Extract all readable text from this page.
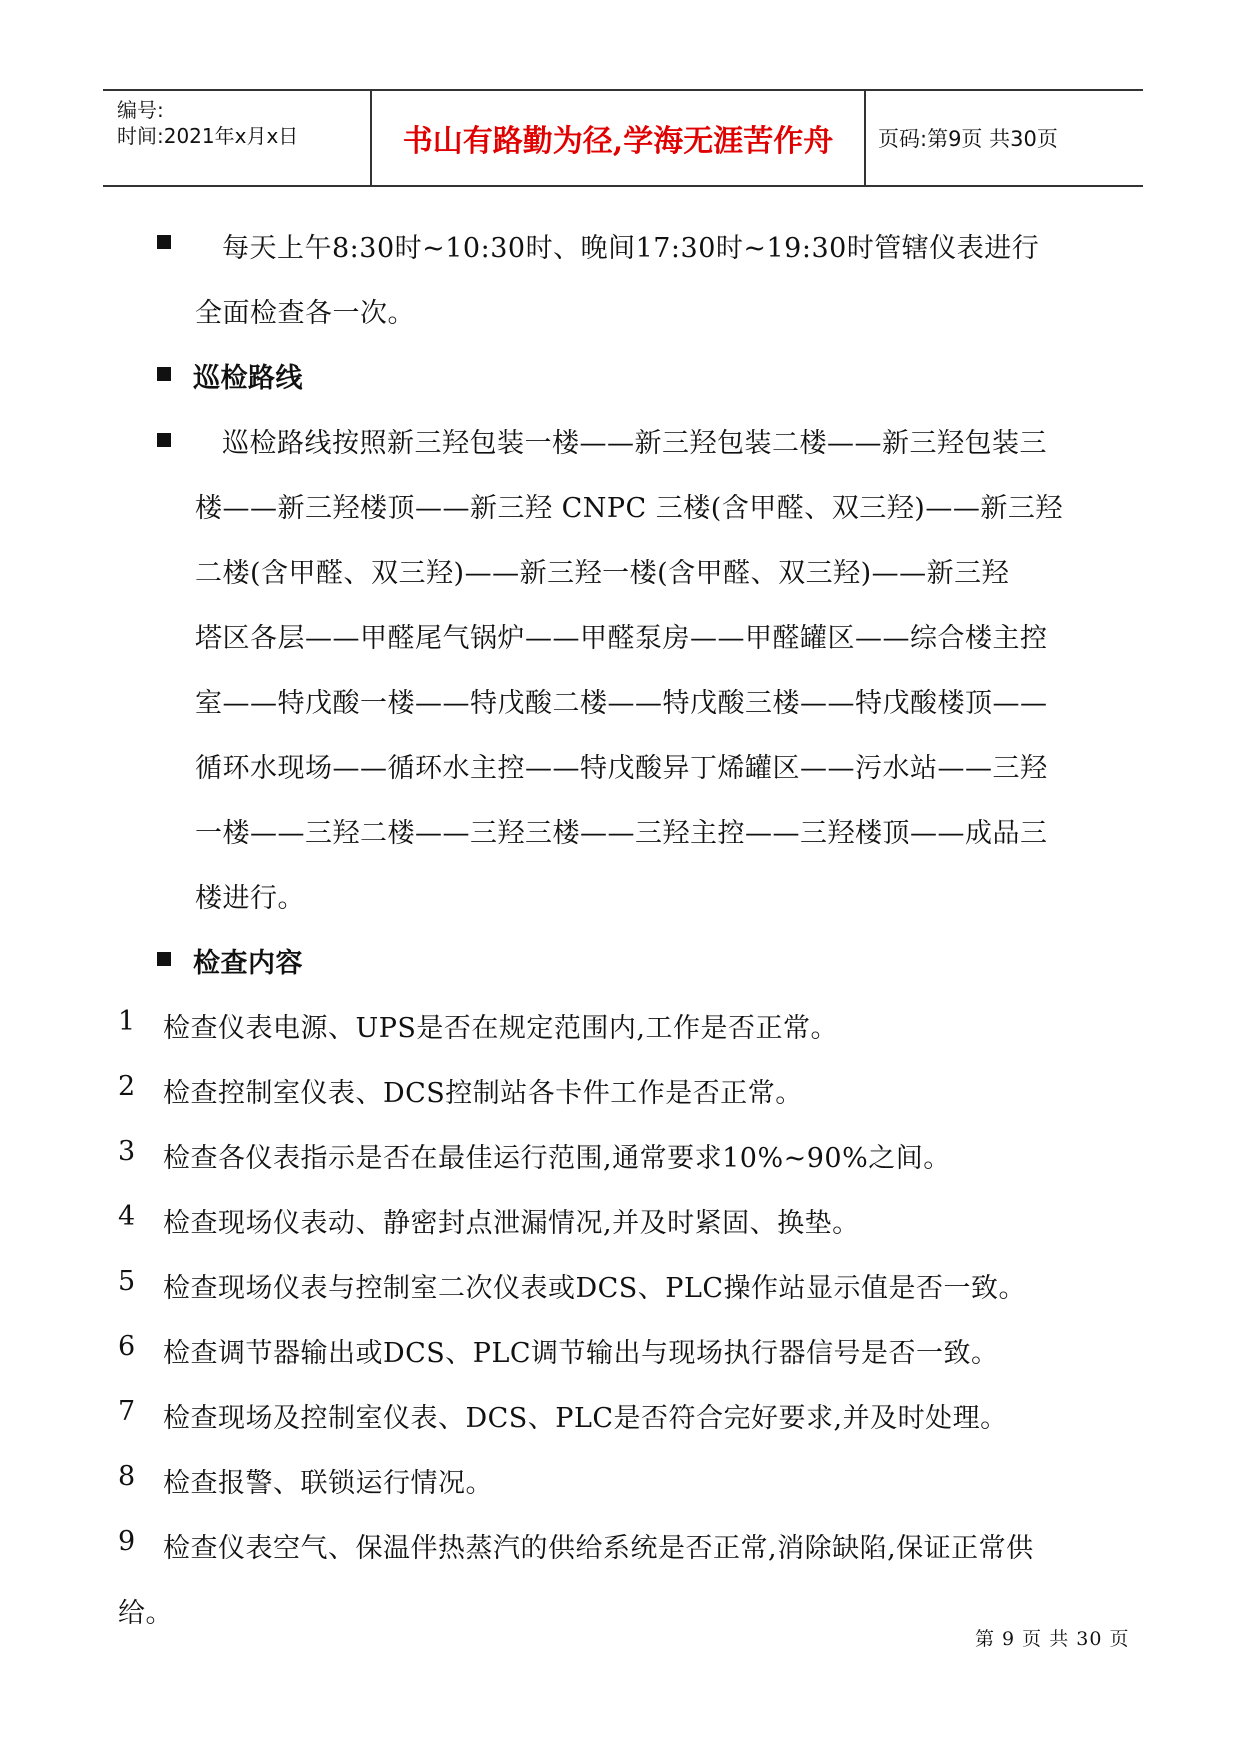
编号:
时间:2021年x月x日	书山有路勤为径,学海无涯苦作舟	页码:第9页 共30页
每天上午8:30时~10:30时、晚间17:30时~19:30时管辖仪表进行
全面检查各一次。
巡检路线
巡检路线按照新三羟包装一楼——新三羟包装二楼——新三羟包装三
楼——新三羟楼顶——新三羟 CNPC 三楼(含甲醛、双三羟)——新三羟
二楼(含甲醛、双三羟)——新三羟一楼(含甲醛、双三羟)——新三羟
塔区各层——甲醛尾气锅炉——甲醛泵房——甲醛罐区——综合楼主控
室——特戊酸一楼——特戊酸二楼——特戊酸三楼——特戊酸楼顶——
循环水现场——循环水主控——特戊酸异丁烯罐区——污水站——三羟
一楼——三羟二楼——三羟三楼——三羟主控——三羟楼顶——成品三
楼进行。
检查内容
1 检查仪表电源、UPS是否在规定范围内,工作是否正常。
2 检查控制室仪表、DCS控制站各卡件工作是否正常。
3 检查各仪表指示是否在最佳运行范围,通常要求10%~90%之间。
4 检查现场仪表动、静密封点泄漏情况,并及时紧固、换垫。
5 检查现场仪表与控制室二次仪表或DCS、PLC操作站显示值是否一致。
6 检查调节器输出或DCS、PLC调节输出与现场执行器信号是否一致。
7 检查现场及控制室仪表、DCS、PLC是否符合完好要求,并及时处理。
8 检查报警、联锁运行情况。
9 检查仪表空气、保温伴热蒸汽的供给系统是否正常,消除缺陷,保证正常供
给。
第 9 页 共 30 页
